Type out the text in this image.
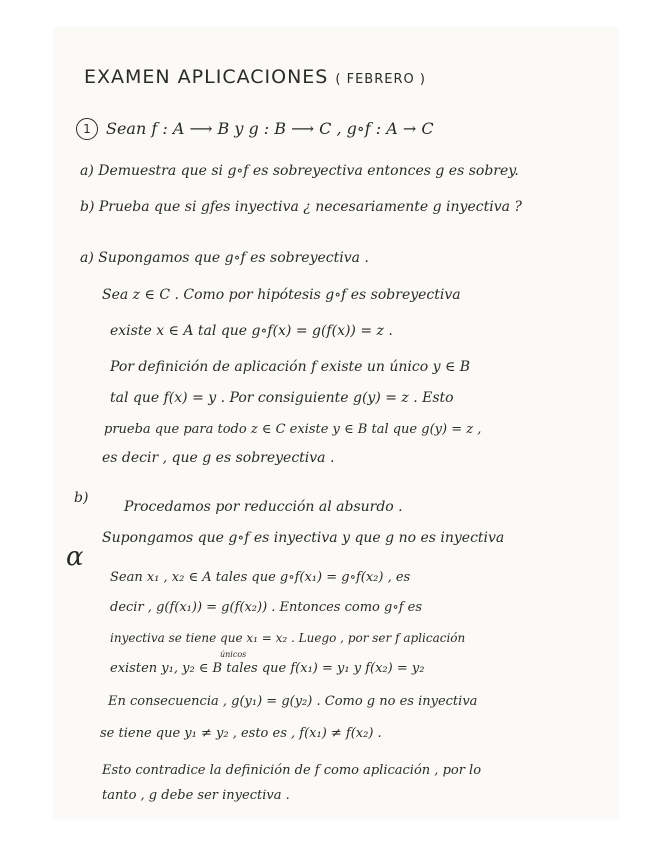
EXAMEN APLICACIONES ( FEBRERO )
1 Sean f : A ⟶ B y g : B ⟶ C , g∘f : A → C
a) Demuestra que si g∘f es sobreyectiva entonces g es sobrey.
b) Prueba que si gfes inyectiva ¿ necesariamente g inyectiva ?
a) Supongamos que g∘f es sobreyectiva .
Sea z ∈ C . Como por hipótesis g∘f es sobreyectiva
existe x ∈ A tal que g∘f(x) = g(f(x)) = z .
Por definición de aplicación f existe un único y ∈ B
tal que f(x) = y . Por consiguiente g(y) = z . Esto
prueba que para todo z ∈ C existe y ∈ B tal que g(y) = z ,
es decir , que g es sobreyectiva .
b)
Procedamos por reducción al absurdo .
Supongamos que g∘f es inyectiva y que g no es inyectiva
α
Sean x₁ , x₂ ∈ A tales que g∘f(x₁) = g∘f(x₂) , es
decir , g(f(x₁)) = g(f(x₂)) . Entonces como g∘f es
inyectiva se tiene que x₁ = x₂ . Luego , por ser f aplicación
únicos
existen y₁, y₂ ∈ B tales que f(x₁) = y₁ y f(x₂) = y₂
En consecuencia , g(y₁) = g(y₂) . Como g no es inyectiva
se tiene que y₁ ≠ y₂ , esto es , f(x₁) ≠ f(x₂) .
Esto contradice la definición de f como aplicación , por lo
tanto , g debe ser inyectiva .
